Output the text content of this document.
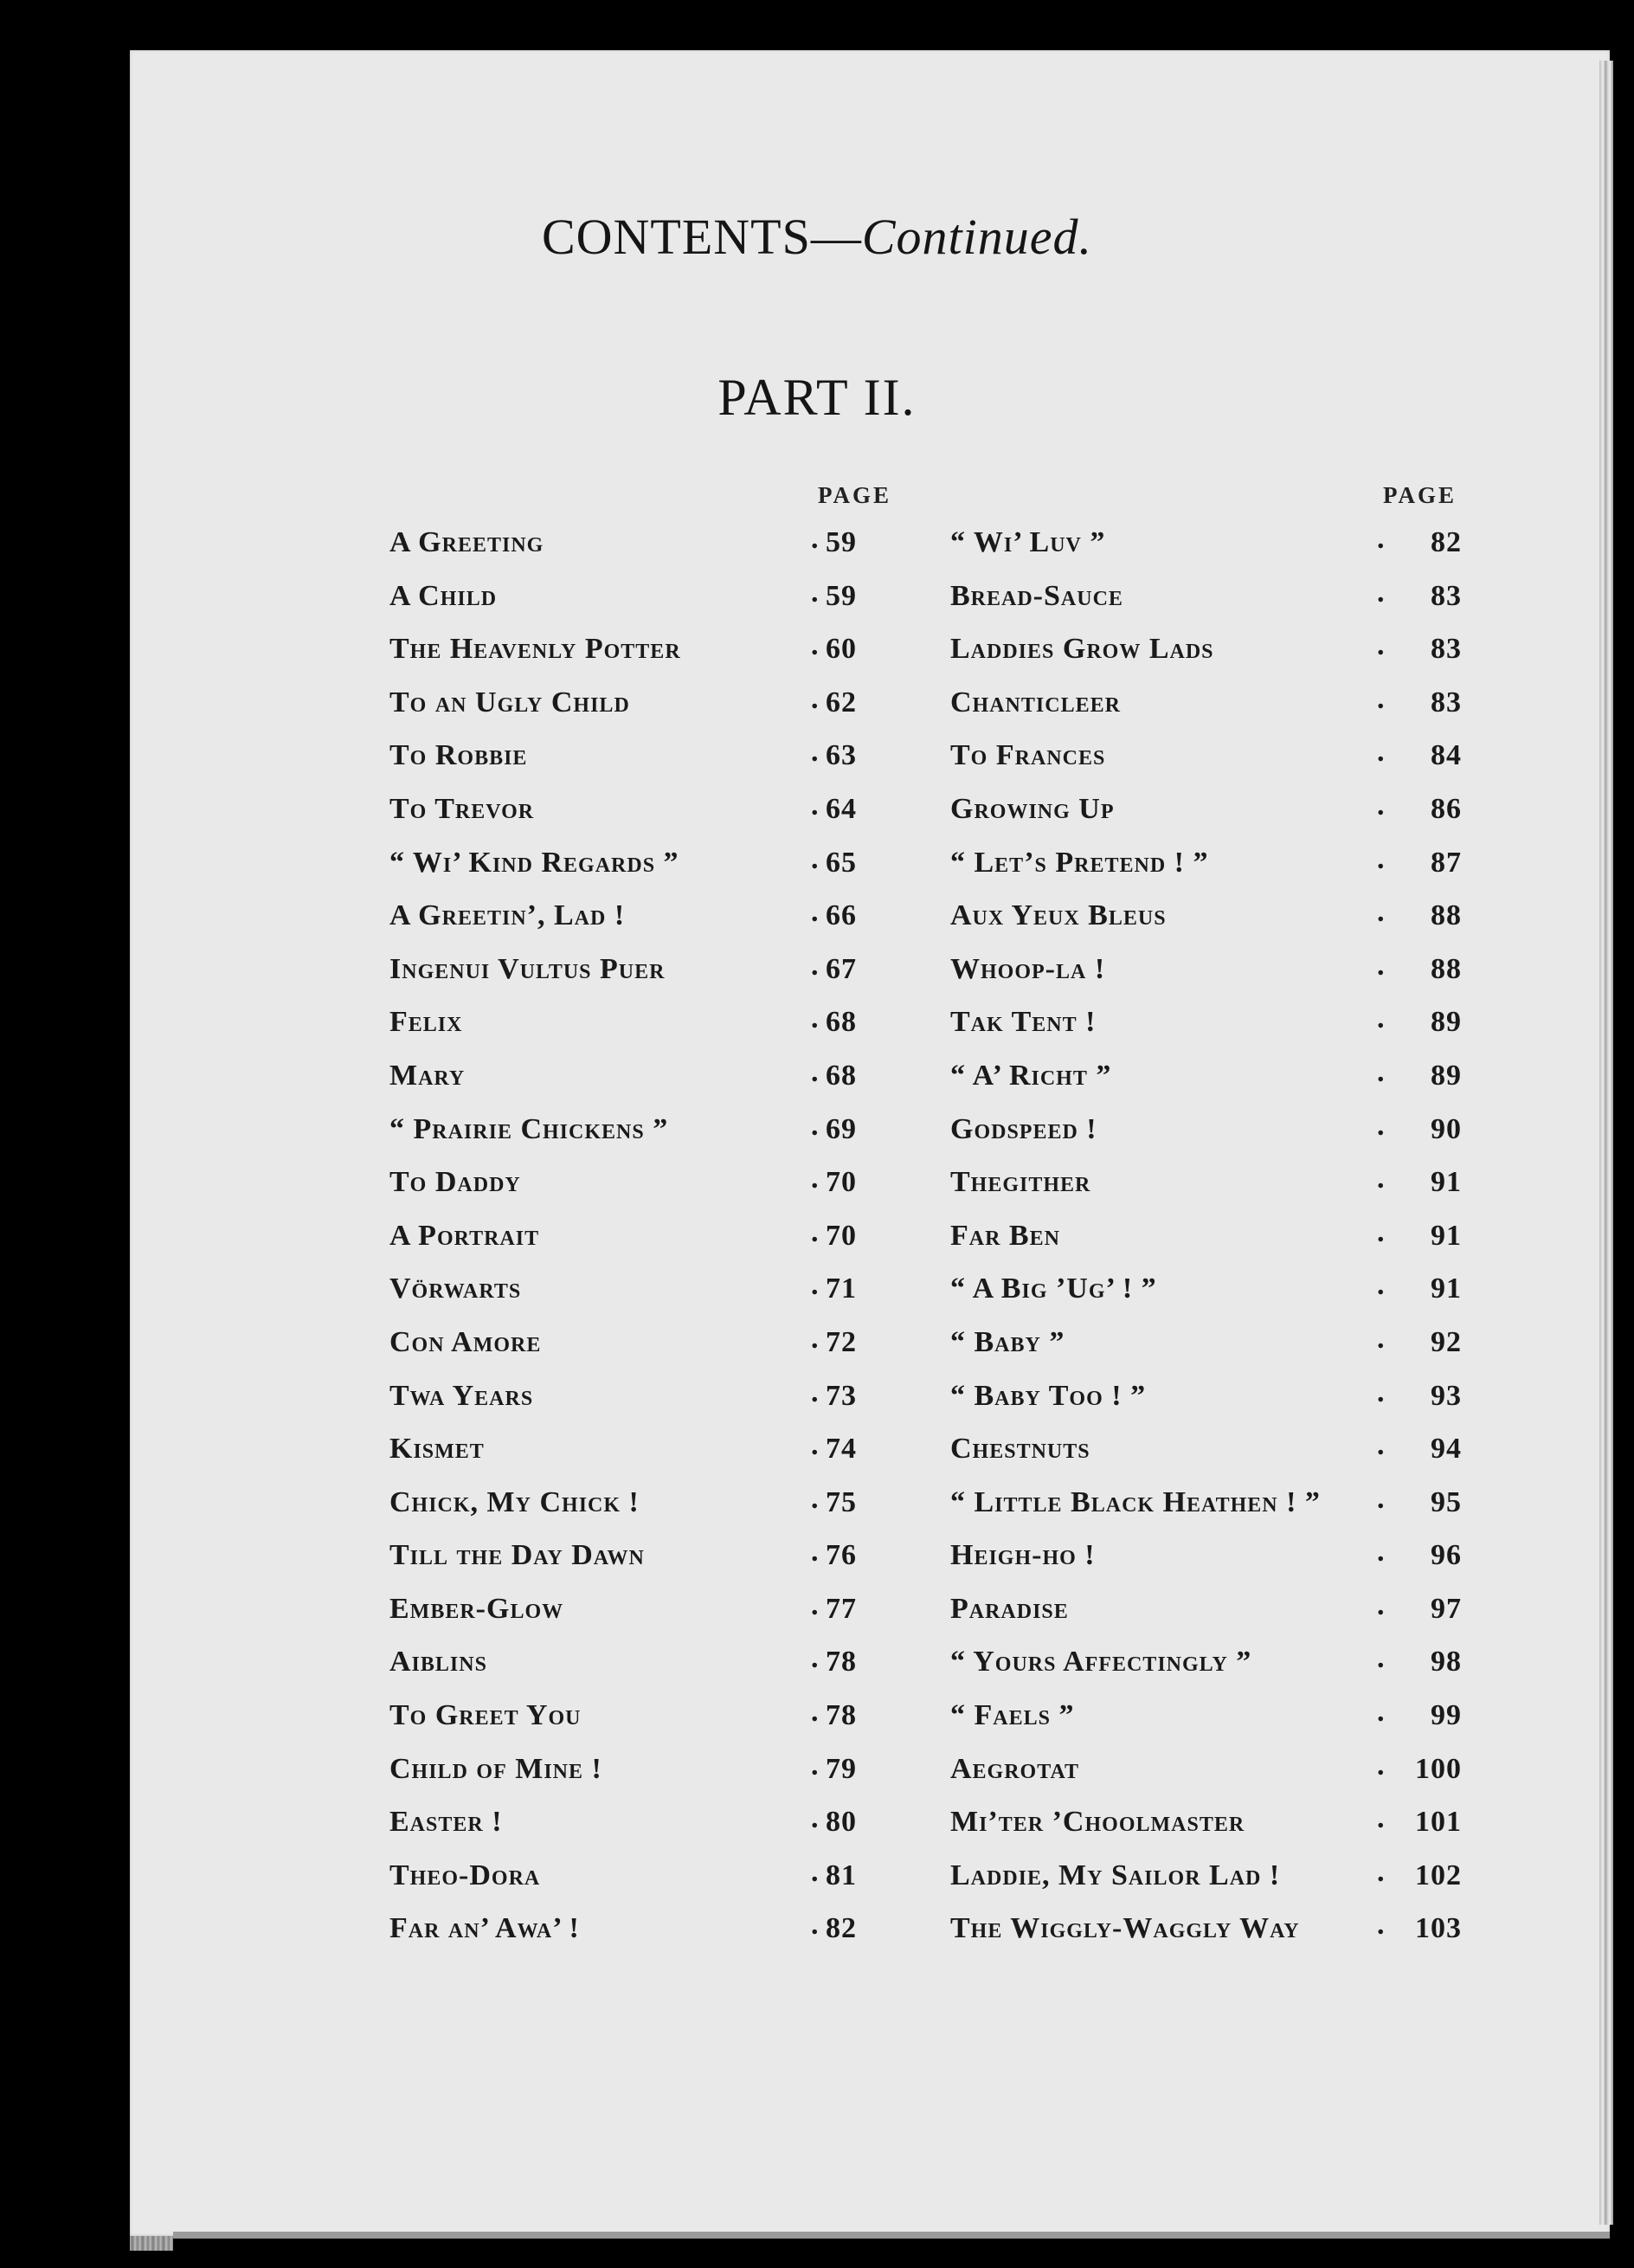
CONTENTS—Continued.
PART II.
PAGE	PAGE
A Greeting	. 59
A Child	. 59
The Heavenly Potter	. 60
To an Ugly Child	. 62
To Robbie	. 63
To Trevor	. 64
“ Wi’ Kind Regards ”	. 65
A Greetin’, Lad !	. 66
Ingenui Vultus Puer	. 67
Felix	. 68
Mary	. 68
“ Prairie Chickens ”	. 69
To Daddy	. 70
A Portrait	. 70
Vörwarts	. 71
Con Amore	. 72
Twa Years	. 73
Kismet	. 74
Chick, My Chick !	. 75
Till the Day Dawn	. 76
Ember-Glow	. 77
Aiblins	. 78
To Greet You	. 78
Child of Mine !	. 79
Easter !	. 80
Theo-Dora	. 81
Far an’ Awa’ !	. 82
“ Wi’ Luv ”	.	82
Bread-Sauce	.	83
Laddies Grow Lads	.	83
Chanticleer	.	83
To Frances	.	84
Growing Up	.	86
“ Let’s Pretend ! ”	.	87
Aux Yeux Bleus	.	88
Whoop-la !	.	88
Tak Tent !	.	89
“ A’ Richt ”	.	89
Godspeed !	.	90
Thegither	.	91
Far Ben	.	91
“ A Big ’Ug’ ! ”	.	91
“ Baby ”	.	92
“ Baby Too ! ”	.	93
Chestnuts	.	94
“ Little Black Heathen ! ” .	95
Heigh-ho !	.	96
Paradise	.	97
“ Yours Affectingly ”	.	98
“ Faels ”	.	99
Aegrotat	. 100
Mi’ter ’Choolmaster	. 101
Laddie, My Sailor Lad !	. 102
The Wiggly-Waggly Way	. 103
